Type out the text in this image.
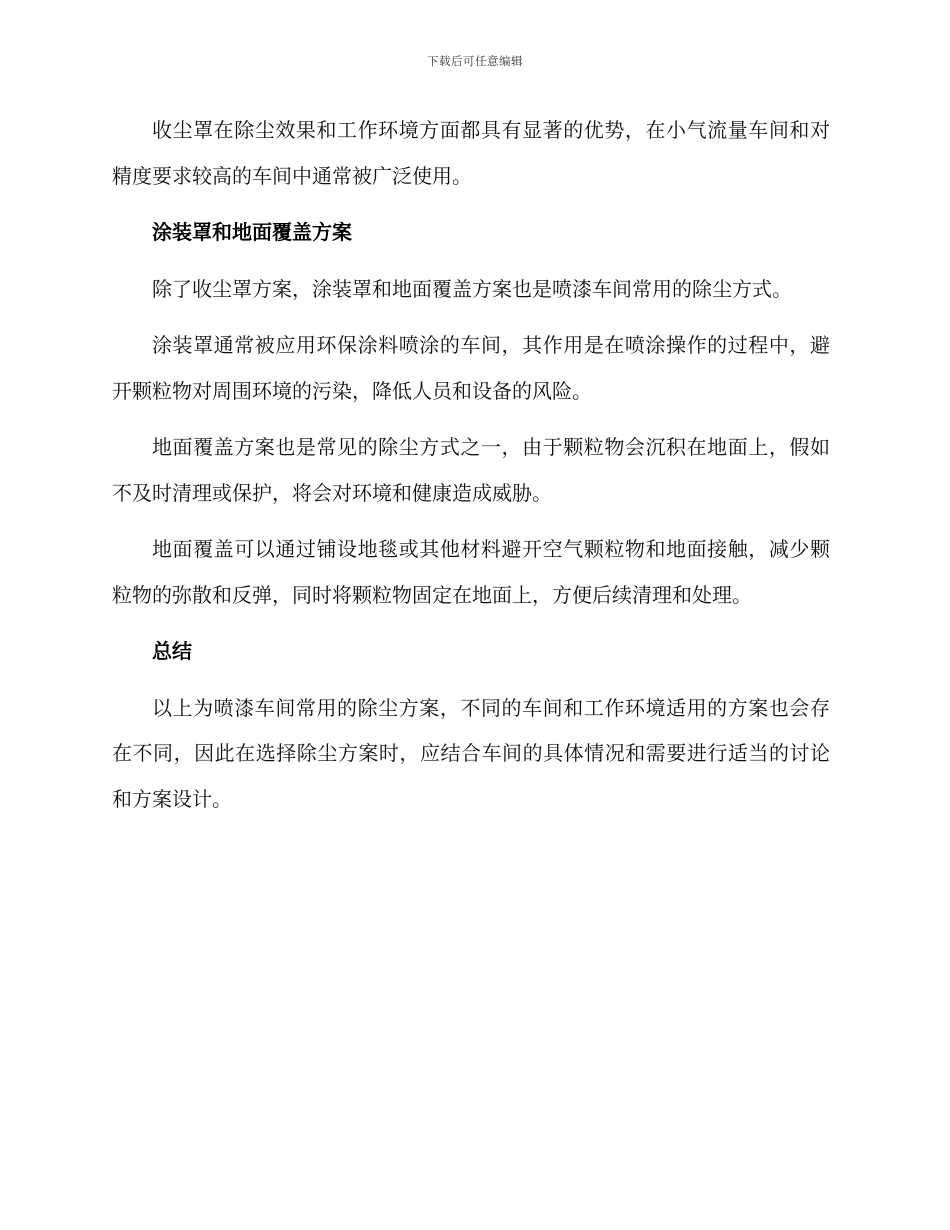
下载后可任意编辑

收尘罩在除尘效果和工作环境方面都具有显著的优势，在小气流量车间和对精度要求较高的车间中通常被广泛使用。

涂装罩和地面覆盖方案

除了收尘罩方案，涂装罩和地面覆盖方案也是喷漆车间常用的除尘方式。

涂装罩通常被应用环保涂料喷涂的车间，其作用是在喷涂操作的过程中，避开颗粒物对周围环境的污染，降低人员和设备的风险。

地面覆盖方案也是常见的除尘方式之一，由于颗粒物会沉积在地面上，假如不及时清理或保护，将会对环境和健康造成威胁。

地面覆盖可以通过铺设地毯或其他材料避开空气颗粒物和地面接触，减少颗粒物的弥散和反弹，同时将颗粒物固定在地面上，方便后续清理和处理。

总结

以上为喷漆车间常用的除尘方案，不同的车间和工作环境适用的方案也会存在不同，因此在选择除尘方案时，应结合车间的具体情况和需要进行适当的讨论和方案设计。
